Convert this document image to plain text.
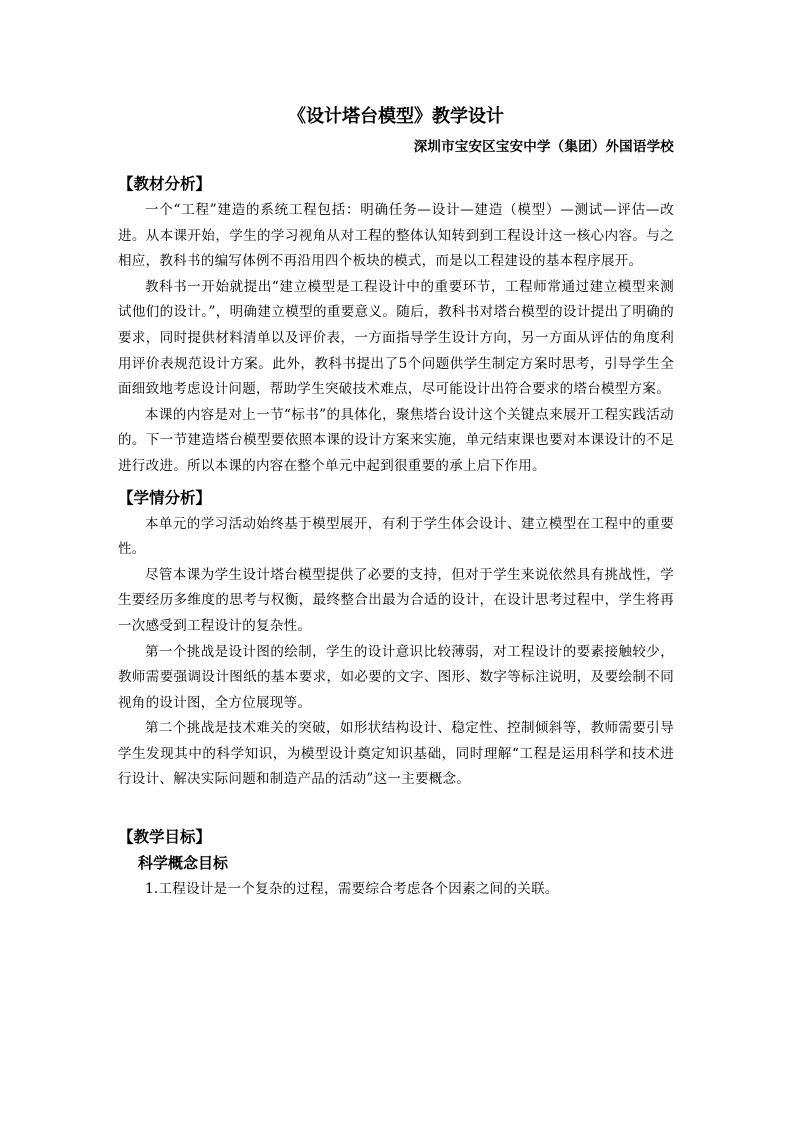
《设计塔台模型》教学设计
深圳市宝安区宝安中学（集团）外国语学校
【教材分析】

一个“工程”建造的系统工程包括：明确任务—设计—建造（模型）—测试—评估—改进。从本课开始，学生的学习视角从对工程的整体认知转到到工程设计这一核心内容。与之相应，教科书的编写体例不再沿用四个板块的模式，而是以工程建设的基本程序展开。

教科书一开始就提出“建立模型是工程设计中的重要环节，工程师常通过建立模型来测试他们的设计。”，明确建立模型的重要意义。随后，教科书对塔台模型的设计提出了明确的要求，同时提供材料清单以及评价表，一方面指导学生设计方向，另一方面从评估的角度利用评价表规范设计方案。此外，教科书提出了5个问题供学生制定方案时思考，引导学生全面细致地考虑设计问题，帮助学生突破技术难点，尽可能设计出符合要求的塔台模型方案。

本课的内容是对上一节“标书”的具体化，聚焦塔台设计这个关键点来展开工程实践活动的。下一节建造塔台模型要依照本课的设计方案来实施，单元结束课也要对本课设计的不足进行改进。所以本课的内容在整个单元中起到很重要的承上启下作用。

【学情分析】

本单元的学习活动始终基于模型展开，有利于学生体会设计、建立模型在工程中的重要性。

尽管本课为学生设计塔台模型提供了必要的支持，但对于学生来说依然具有挑战性，学生要经历多维度的思考与权衡，最终整合出最为合适的设计，在设计思考过程中，学生将再一次感受到工程设计的复杂性。

第一个挑战是设计图的绘制，学生的设计意识比较薄弱，对工程设计的要素接触较少，教师需要强调设计图纸的基本要求，如必要的文字、图形、数字等标注说明，及要绘制不同视角的设计图，全方位展现等。

第二个挑战是技术难关的突破，如形状结构设计、稳定性、控制倾斜等，教师需要引导学生发现其中的科学知识，为模型设计奠定知识基础，同时理解“工程是运用科学和技术进行设计、解决实际问题和制造产品的活动”这一主要概念。

【教学目标】
科学概念目标

1.工程设计是一个复杂的过程，需要综合考虑各个因素之间的关联。
